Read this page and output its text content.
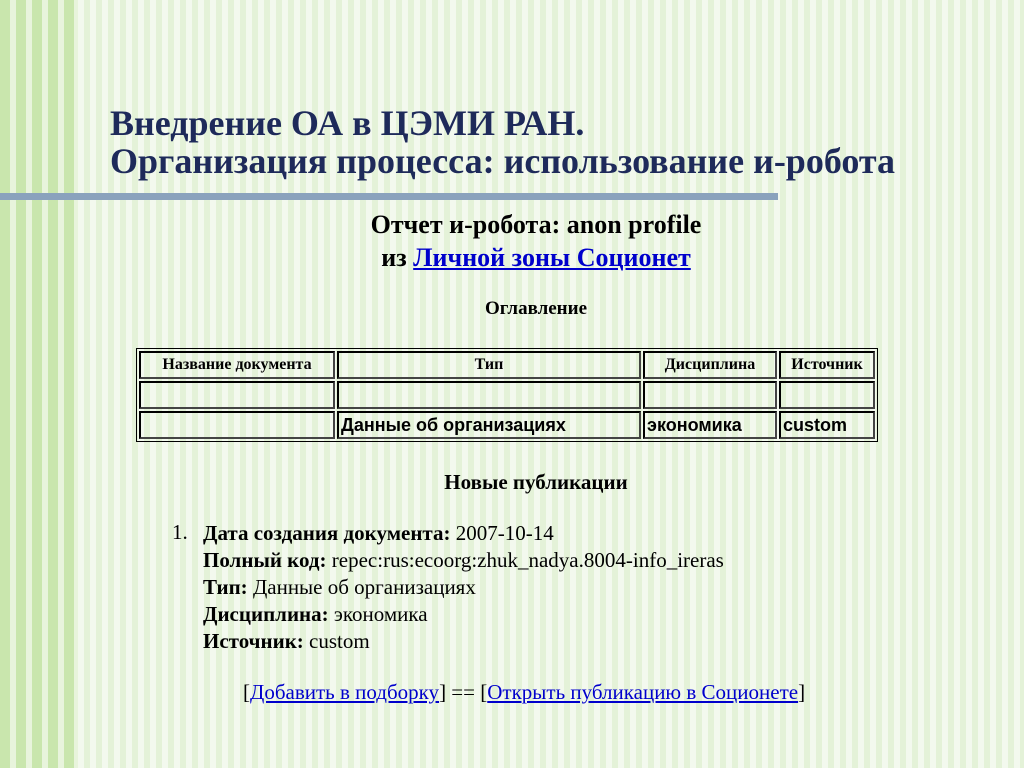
Внедрение ОА в ЦЭМИ РАН.
Организация процесса: использование и-робота
Отчет и-робота: anon profile
из Личной зоны Соционет
Оглавление
Название документа	Тип	Дисциплина	Источник

	Данные об организациях	экономика	custom
Новые публикации
1. Дата создания документа: 2007-10-14
Полный код: repec:rus:ecoorg:zhuk_nadya.8004-info_ireras
Тип: Данные об организациях
Дисциплина: экономика
Источник: custom
[Добавить в подборку] == [Открыть публикацию в Соционете]
